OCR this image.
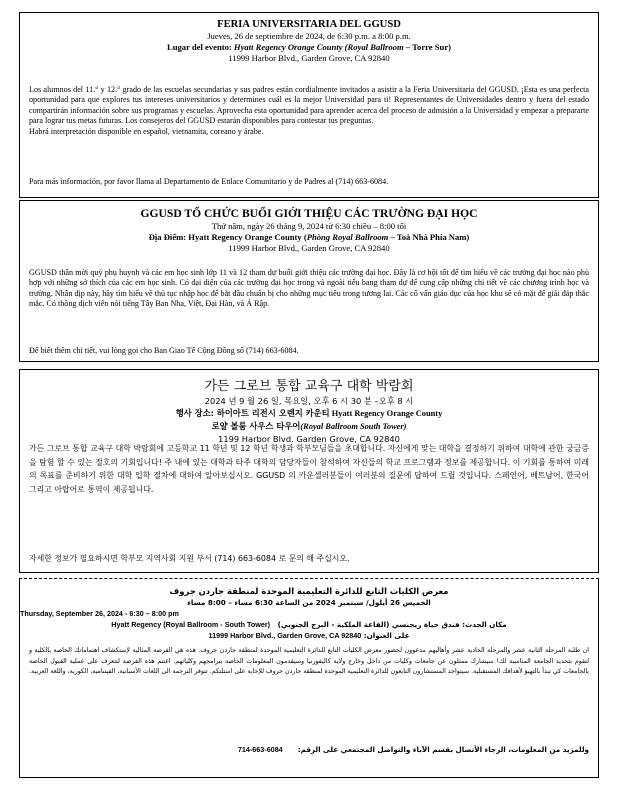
FERIA UNIVERSITARIA DEL GGUSD

Jueves, 26 de septiembre de 2024, de 6:30 p.m. a 8:00 p.m.

Lugar del evento: Hyatt Regency Orange County (Royal Ballroom – Torre Sur)

11999 Harbor Blvd., Garden Grove, CA 92840

Los alumnos del 11.° y 12.° grado de las escuelas secundarias y sus padres están cordialmente invitados a asistir a la Feria Universitaria del GGUSD. ¡Esta es una perfecta oportunidad para que explores tus intereses universitarios y determines cuál es la mejor Universidad para ti! Representantes de Universidades dentro y fuera del estado compartirán información sobre sus programas y escuelas. Aprovecha esta oportunidad para aprender acerca del proceso de admisión a la Universidad y empezar a prepararte para lograr tus metas futuras. Los consejeros del GGUSD estarán disponibles para contestar tus preguntas.

Habrá interpretación disponible en español, vietnamita, coreano y árabe.

Para más información, por favor llama al Departamento de Enlace Comunitario y de Padres al (714) 663-6084.

GGUSD TỔ CHỨC BUỔI GIỚI THIỆU CÁC TRƯỜNG ĐẠI HỌC

Thứ năm, ngày 26 tháng 9, 2024 từ 6:30 chiều – 8:00 tối

Địa Điểm: Hyatt Regency Orange County (Phòng Royal Ballroom – Toà Nhà Phía Nam)

11999 Harbor Blvd., Garden Grove, CA 92840

GGUSD thân mời quý phụ huynh và các em học sinh lớp 11 và 12 tham dự buổi giới thiệu các trường đại học. Đây là cơ hội tốt để tìm hiểu về các trường đại học nào phù hợp với những sở thích của các em học sinh. Có đại diện của các trường đại học trong và ngoài tiểu bang tham dự để cung cấp những chi tiết về các chương trình học và trường. Nhân dịp này, hãy tìm hiểu về thủ tục nhập học để bắt đầu chuẩn bị cho những mục tiêu trong tương lai. Các cố vấn giáo dục của học khu sẽ có mặt để giải đáp thắc mắc. Có thông dịch viên nói tiếng Tây Ban Nha, Việt, Đại Hàn, và Ả Rập.

Để biết thêm chi tiết, vui lòng gọi cho Ban Giao Tế Cộng Đồng số (714) 663-6084.

가든 그로브 통합 교육구 대학 박람회

2024 년 9 월 26 일, 목요일, 오후 6 시 30 분 –오후 8 시

행사 장소: 하이아트 리전시 오렌지 카운티 Hyatt Regency Orange County

로얄 볼룸 사우스 타우어(Royal Ballroom South Tower)

1199 Harbor Blvd. Garden Grove, CA 92840

가든 그로브 통합 교육구 대학 박람회에 고등학교 11 학년 및 12 학년 학생과 학부모님들을 초대합니다. 자신에게 맞는 대학을 결정하기 위하여 대학에 관한 궁금증을 탐험 할 수 있는 절호의 기회입니다! 주 내에 있는 대학과 타주 대학의 담당자들이 참석하여 자신들의 학교 프로그램과 정보를 제공합니다. 이 기회를 통하여 미래의 목표를 준비하기 위한 대학 입학 절차에 대하여 알아보십시오. GGUSD 의 카운셀러분들이 여러분의 질문에 답하여 드릴 것입니다. 스페인어, 베트남어, 한국어 그리고 아랍어로 통역이 제공됩니다.

자세한 정보가 필요하시면 학부모 지역사회 지원 부서 (714) 663-6084 로 문의 해 주십시오.

معرض الكليات التابع للدائرة التعليمية الموحدة لمنطقة جاردن جروف

الخميس 26 أيلول/ سبتمبر 2024 من الساعة 6:30 مساء – 8:00 مساء

Thursday, September 26, 2024 - 6:30 – 8:00 pm

مكان الحدث: فندق حياة ريجنسي (القاعة الملكية - البرج الجنوبي)   Hyatt Regency (Royal Ballroom - South Tower)

على العنوان: 11999 Harbor Blvd., Garden Grove, CA 92840

ان طلبة المرحلة الثانية عشر والمرحلة الحادية عشر وأهاليهم مدعوون لحضور معرض الكليات التابع للدائرة التعليمية الموحدة لمنطقة جاردن جروف. هذه هي الفرصة المثالية لإستكشاف اهتماماتك الخاصة بالكلية و لتقوم بتحديد الجامعة المناسبة لك! سيشارك ممثلون عن جامعات وكليات من داخل وخارج ولاية كاليفورنيا وسيقدمون المعلومات الخاصة ببرامجهم وكلياتهم. اغتنم هذه الفرصة لتتعرف على عملية القبول الخاصة بالجامعات كي تبدأ بالتهيؤ لأهدافك المستقبلية. سيتواجد المستشارون التابعون للدائرة التعليمية الموحدة لمنطقة جاردن جروف للإجابة على استلتكم. تتوفر الترجمة الى اللغات الأسبانية، الفيتنامية، الكورية، واللغة العربية.

وللمزيد من المعلومات، الرجاء الأتصال بقسم الآباء والتواصل المجتمعي على الرقم:      714-663-6084
